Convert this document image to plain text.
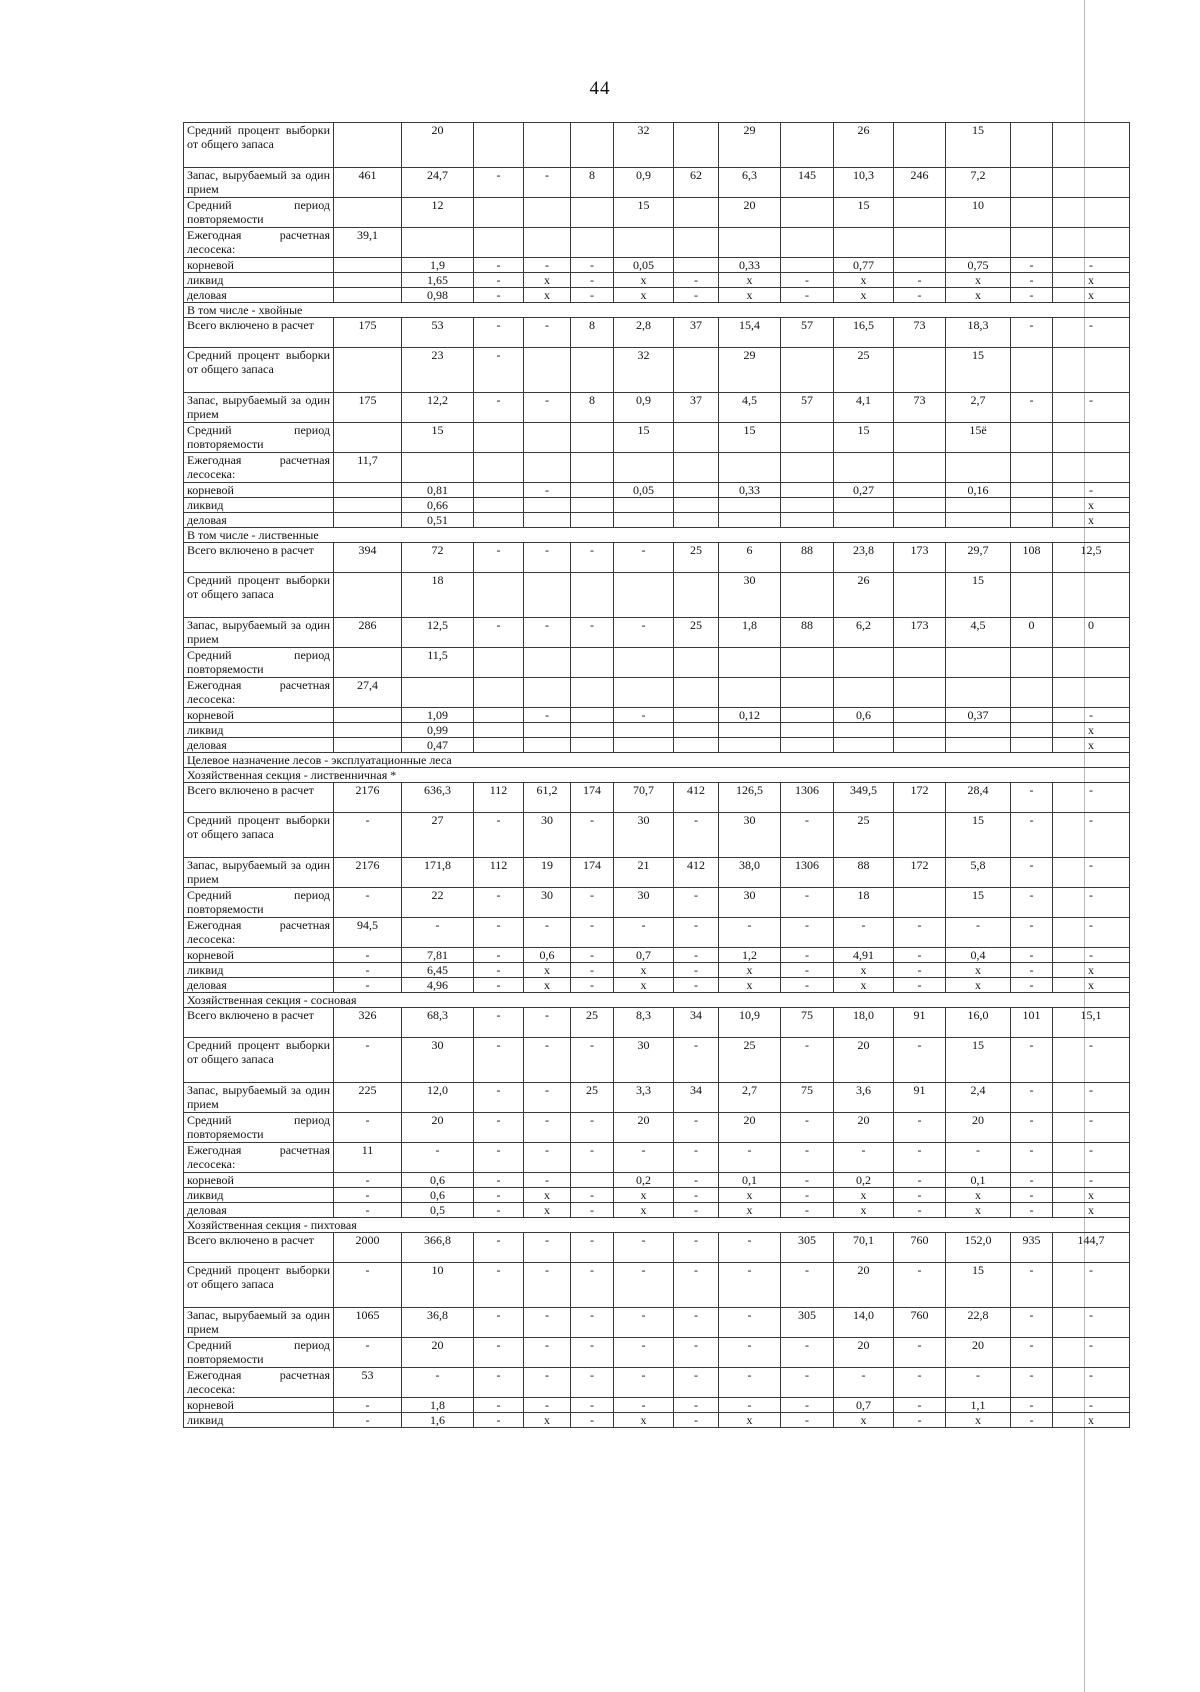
44
Средний процент выборки от общего запаса		20				32		29		26		15		
Запас, вырубаемый за один прием	461	24,7	-	-	8	0,9	62	6,3	145	10,3	246	7,2		
Средний период повторяемости		12				15		20		15		10		
Ежегодная расчетная лесосека:	39,1													
корневой		1,9	-	-	-	0,05		0,33		0,77		0,75	-	-
ликвид		1,65	-	x	-	x	-	x	-	x	-	x	-	x
деловая		0,98	-	x	-	x	-	x	-	x	-	x	-	x
В том числе - хвойные														
Всего включено в расчет	175	53	-	-	8	2,8	37	15,4	57	16,5	73	18,3	-	-
Средний процент выборки от общего запаса		23	-			32		29		25		15		
Запас, вырубаемый за один прием	175	12,2	-	-	8	0,9	37	4,5	57	4,1	73	2,7	-	-
Средний период повторяемости		15				15		15		15		15ё		
Ежегодная расчетная лесосека:	11,7													
корневой		0,81		-		0,05		0,33		0,27		0,16		-
ликвид		0,66												x
деловая		0,51												x
В том числе - лиственные														
Всего включено в расчет	394	72	-	-	-	-	25	6	88	23,8	173	29,7	108	12,5
Средний процент выборки от общего запаса		18						30		26		15		
Запас, вырубаемый за один прием	286	12,5	-	-	-	-	25	1,8	88	6,2	173	4,5	0	0
Средний период повторяемости		11,5												
Ежегодная расчетная лесосека:	27,4													
корневой		1,09		-		-		0,12		0,6		0,37		-
ликвид		0,99												x
деловая		0,47												x
Целевое назначение лесов - эксплуатационные леса														
Хозяйственная секция - лиственничная *														
Всего включено в расчет	2176	636,3	112	61,2	174	70,7	412	126,5	1306	349,5	172	28,4	-	-
Средний процент выборки от общего запаса	-	27	-	30	-	30	-	30	-	25		15	-	-
Запас, вырубаемый за один прием	2176	171,8	112	19	174	21	412	38,0	1306	88	172	5,8	-	-
Средний период повторяемости	-	22	-	30	-	30	-	30	-	18		15	-	-
Ежегодная расчетная лесосека:	94,5	-	-	-	-	-	-	-	-	-	-	-	-	-
корневой	-	7,81	-	0,6	-	0,7	-	1,2	-	4,91	-	0,4	-	-
ликвид	-	6,45	-	x	-	x	-	x	-	x	-	x	-	x
деловая	-	4,96	-	x	-	x	-	x	-	x	-	x	-	x
Хозяйственная секция - сосновая														
Всего включено в расчет	326	68,3	-	-	25	8,3	34	10,9	75	18,0	91	16,0	101	15,1
Средний процент выборки от общего запаса	-	30	-	-	-	30	-	25	-	20	-	15	-	-
Запас, вырубаемый за один прием	225	12,0	-	-	25	3,3	34	2,7	75	3,6	91	2,4	-	-
Средний период повторяемости	-	20	-	-	-	20	-	20	-	20	-	20	-	-
Ежегодная расчетная лесосека:	11	-	-	-	-	-	-	-	-	-	-	-	-	-
корневой	-	0,6	-	-		0,2	-	0,1	-	0,2	-	0,1	-	-
ликвид	-	0,6	-	x	-	x	-	x	-	x	-	x	-	x
деловая	-	0,5	-	x	-	x	-	x	-	x	-	x	-	x
Хозяйственная секция - пихтовая														
Всего включено в расчет	2000	366,8	-	-	-	-	-	-	305	70,1	760	152,0	935	144,7
Средний процент выборки от общего запаса	-	10	-	-	-	-	-	-	-	20	-	15	-	-
Запас, вырубаемый за один прием	1065	36,8	-	-	-	-	-	-	305	14,0	760	22,8	-	-
Средний период повторяемости	-	20	-	-	-	-	-	-	-	20	-	20	-	-
Ежегодная расчетная лесосека:	53	-	-	-	-	-	-	-	-	-	-	-	-	-
корневой	-	1,8	-	-	-	-	-	-	-	0,7	-	1,1	-	-
ликвид	-	1,6	-	x	-	x	-	x	-	x	-	x	-	x
